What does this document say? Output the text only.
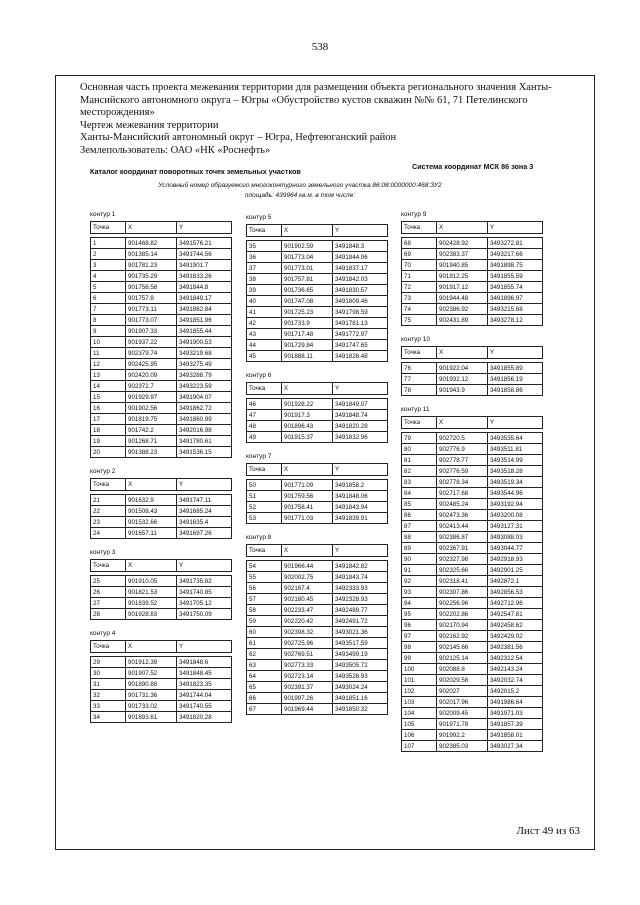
538
Основная часть проекта межевания территории для размещения объекта регионального значения Ханты-
Мансийского автономного округа – Югры «Обустройство кустов скважин №№ 61, 71 Петелинского
месторождения»
Чертеж межевания территории
Ханты-Мансийский автономный округ – Югра, Нефтеюганский район
Землепользователь: ОАО «НК «Роснефть»
Каталог координат поворотных точек земельных участков
Система координат МСК 86 зона 3
Условный номер образуемого многоконтурного земельного участка 86:08:0000000:468:ЗУ2
площадь: 439964 кв.м. в том числе:
контур 1
Точка	X	Y

1	901468.82	3491576.21
2	901385.14	3491744.56
3	901781.23	3491901.7
4	901735.29	3491833.26
5	901756.58	3491844.8
6	901757.8	3491849.17
7	901773.11	3491862.84
8	901773.07	3491851.96
9	901907.33	3491855.44
10	901937.22	3491900.53
11	902379.74	3493219.68
12	902425.95	3493275.49
13	902420.09	3493288.79
14	902372.7	3493223.59
15	901929.97	3491904.07
16	901902.56	3491862.72
17	901819.75	3491860.99
18	901742.2	3492016.98
19	901268.71	3491780.61
20	901388.23	3491536.15
контур 2
Точка	X	Y

21	901632.9	3491747.11
22	901508.43	3491685.24
23	901532.66	3491635.4
24	901657.11	3491697.26
контур 3
Точка	X	Y

25	901910.05	3491735.82
26	901821.53	3491740.85
27	901839.52	3491705.12
28	901928.83	3491750.09
контур 4
Точка	X	Y

29	901912.39	3491848.6
30	901907.52	3491848.45
31	901890.88	3491823.35
32	901731.36	3491744.04
33	901733.02	3491740.55
34	901893.61	3491820.28
контур 5
Точка	X	Y

35	901902.59	3491848.3
36	901773.04	3491844.96
37	901773.01	3491837.17
38	901757.81	3491842.03
39	901736.65	3491830.57
40	901747.08	3491809.46
41	901725.23	3491798.59
42	901733.9	3491781.13
43	901717.48	3491772.97
44	901729.84	3491747.65
45	901888.11	3491826.48
контур 6
Точка	X	Y

46	901928.22	3491849.07
47	901917.3	3491848.74
48	901896.43	3491820.28
49	901915.37	3491832.96
контур 7
Точка	X	Y

50	901771.09	3491858.2
51	901759.56	3491848.06
52	901758.41	3491843.94
53	901771.03	3491839.91
контур 8
Точка	X	Y

54	901966.44	3491842.82
55	902002.75	3491843.74
56	902167.4	3492333.93
57	902180.45	3492328.93
58	902233.47	3492489.77
59	902220.42	3492491.72
60	902398.32	3493021.36
61	902725.96	3493517.59
62	902769.51	3493499.19
63	902773.33	3493505.72
64	902723.14	3493526.93
65	902391.37	3493024.24
66	901997.26	3491851.16
67	901969.44	3491850.32
контур 9
Точка	X	Y

68	902428.92	3493272.81
69	902383.37	3493217.66
70	901940.85	3491898.75
71	901912.25	3491855.59
72	901917.12	3491855.74
73	901944.48	3491896.97
74	902386.92	3493215.68
75	902431.89	3493278.12
контур 10
Точка	X	Y

76	901922.04	3491855.89
77	901932.12	3491856.19
78	901943.9	3491858.86
контур 11
Точка	X	Y

79	902720.5	3493535.64
80	902776.9	3493511.81
81	902778.77	3493514.99
82	902776.59	3493518.28
83	902778.34	3493519.34
84	902717.68	3493544.96
85	902485.24	3493192.94
86	902473.36	3493200.08
87	902413.44	3493127.31
88	902386.87	3493088.03
89	902367.91	3493044.77
90	902327.98	3492918.93
91	902325.66	3492901.25
92	902318.41	3492872.1
93	902307.86	3492856.53
94	902256.96	3492712.96
95	902202.86	3492547.81
96	902170.94	3492458.62
97	902162.92	3492429.02
98	902145.66	3492381.56
99	902125.14	3492312.54
100	902088.8	3492143.24
101	902029.58	3492032.74
102	902027	3492015.2
103	902017.96	3491986.64
104	902009.45	3491971.03
105	901971.78	3491857.39
106	901992.2	3491858.01
107	902385.03	3493027.34
Лист 49 из 63
